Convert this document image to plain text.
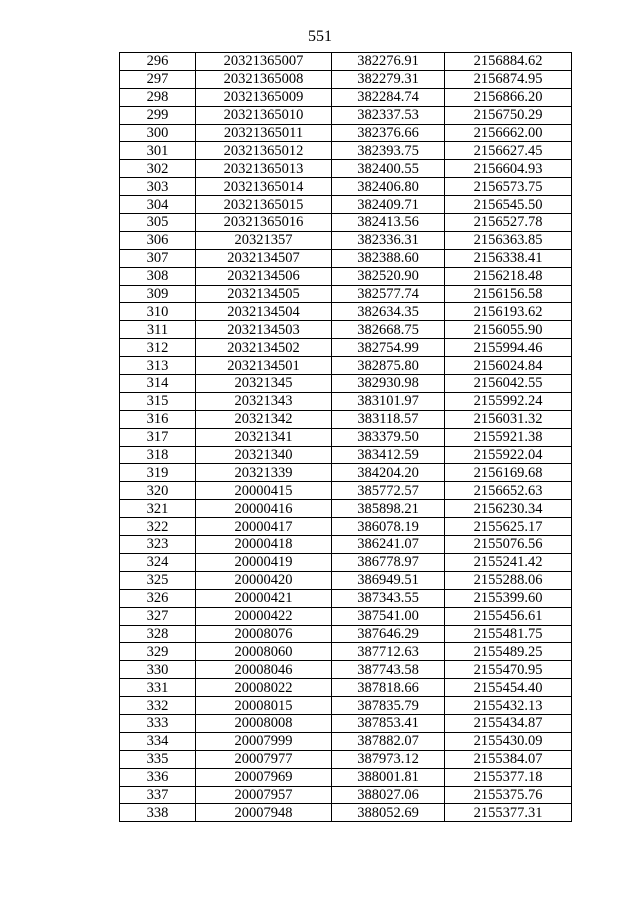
551
296	20321365007	382276.91	2156884.62
297	20321365008	382279.31	2156874.95
298	20321365009	382284.74	2156866.20
299	20321365010	382337.53	2156750.29
300	20321365011	382376.66	2156662.00
301	20321365012	382393.75	2156627.45
302	20321365013	382400.55	2156604.93
303	20321365014	382406.80	2156573.75
304	20321365015	382409.71	2156545.50
305	20321365016	382413.56	2156527.78
306	20321357	382336.31	2156363.85
307	2032134507	382388.60	2156338.41
308	2032134506	382520.90	2156218.48
309	2032134505	382577.74	2156156.58
310	2032134504	382634.35	2156193.62
311	2032134503	382668.75	2156055.90
312	2032134502	382754.99	2155994.46
313	2032134501	382875.80	2156024.84
314	20321345	382930.98	2156042.55
315	20321343	383101.97	2155992.24
316	20321342	383118.57	2156031.32
317	20321341	383379.50	2155921.38
318	20321340	383412.59	2155922.04
319	20321339	384204.20	2156169.68
320	20000415	385772.57	2156652.63
321	20000416	385898.21	2156230.34
322	20000417	386078.19	2155625.17
323	20000418	386241.07	2155076.56
324	20000419	386778.97	2155241.42
325	20000420	386949.51	2155288.06
326	20000421	387343.55	2155399.60
327	20000422	387541.00	2155456.61
328	20008076	387646.29	2155481.75
329	20008060	387712.63	2155489.25
330	20008046	387743.58	2155470.95
331	20008022	387818.66	2155454.40
332	20008015	387835.79	2155432.13
333	20008008	387853.41	2155434.87
334	20007999	387882.07	2155430.09
335	20007977	387973.12	2155384.07
336	20007969	388001.81	2155377.18
337	20007957	388027.06	2155375.76
338	20007948	388052.69	2155377.31
